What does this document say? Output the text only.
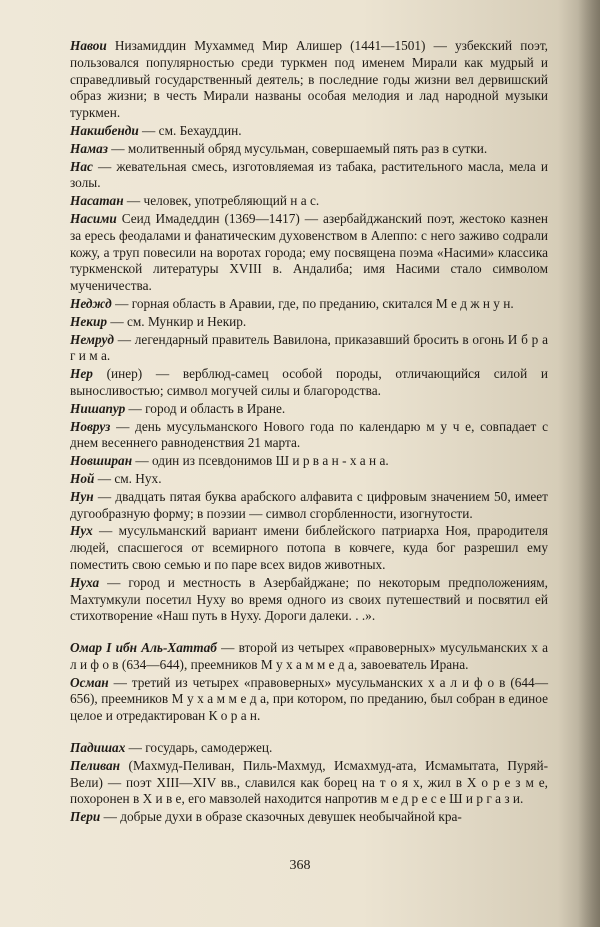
Навои Низамиддин Мухаммед Мир Алишер (1441—1501) — узбекский поэт, пользовался популярностью среди туркмен под именем Мирали как мудрый и справедливый государственный деятель; в последние годы жизни вел дервишский образ жизни; в честь Мирали названы особая мелодия и лад народной музыки туркмен.

Накшбенди — см. Бехауддин.

Намаз — молитвенный обряд мусульман, совершаемый пять раз в сутки.

Нас — жевательная смесь, изготовляемая из табака, растительного масла, мела и золы.

Насатан — человек, употребляющий н а с.

Насими Сеид Имадеддин (1369—1417) — азербайджанский поэт, жестоко казнен за ересь феодалами и фанатическим духовенством в Алеппо: с него заживо содрали кожу, а труп повесили на воротах города; ему посвящена поэма «Насими» классика туркменской литературы XVIII в. Андалиба; имя Насими стало символом мученичества.

Неджд — горная область в Аравии, где, по преданию, скитался М е д ж н у н.

Некир — см. Мункир и Некир.

Немруд — легендарный правитель Вавилона, приказавший бросить в огонь И б р а г и м а.

Нер (инер) — верблюд-самец особой породы, отличающийся силой и выносливостью; символ могучей силы и благородства.

Нишапур — город и область в Иране.

Новруз — день мусульманского Нового года по календарю м у ч е, совпадает с днем весеннего равноденствия 21 марта.

Новширан — один из псевдонимов Ш и р в а н - х а н а.

Ной — см. Нух.

Нун — двадцать пятая буква арабского алфавита с цифровым значением 50, имеет дугообразную форму; в поэзии — символ сгорбленности, изогнутости.

Нух — мусульманский вариант имени библейского патриарха Ноя, прародителя людей, спасшегося от всемирного потопа в ковчеге, куда бог разрешил ему поместить свою семью и по паре всех видов животных.

Нуха — город и местность в Азербайджане; по некоторым предположениям, Махтумкули посетил Нуху во время одного из своих путешествий и посвятил ей стихотворение «Наш путь в Нуху. Дороги далеки. . .».

Омар I ибн Аль-Хаттаб — второй из четырех «правоверных» мусульманских х а л и ф о в (634—644), преемников М у х а м м е д а, завоеватель Ирана.

Осман — третий из четырех «правоверных» мусульманских х а л и ф о в (644—656), преемников М у х а м м е д а, при котором, по преданию, был собран в единое целое и отредактирован К о р а н.

Падишах — государь, самодержец.

Пеливан (Махмуд-Пеливан, Пиль-Махмуд, Исмахмуд-ата, Исмамытата, Пуряй-Вели) — поэт XIII—XIV вв., славился как борец на т о я х, жил в Х о р е з м е, похоронен в Х и в е, его мавзолей находится напротив м е д р е с е Ш и р г а з и.

Пери — добрые духи в образе сказочных девушек необычайной кра-

368
